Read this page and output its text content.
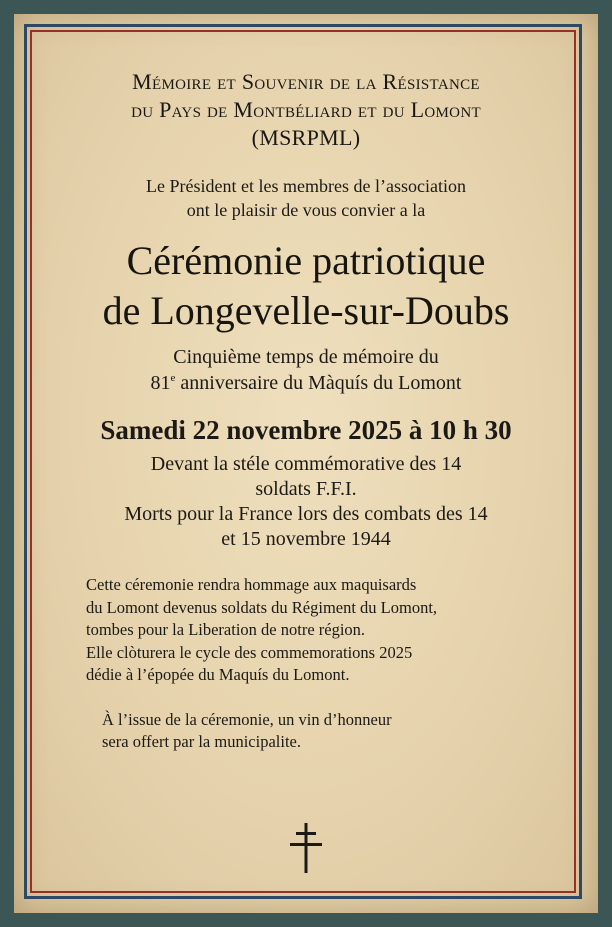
Mémoire et Souvenir de la Résistance
du Pays de Montbéliard et du Lomont
(MSRPML)
Le Président et les membres de l’association
ont le plaisir de vous convier a la
Cérémonie patriotique
de Longevelle-sur-Doubs
Cinquième temps de mémoire du
81e anniversaire du Màquís du Lomont
Samedi 22 novembre 2025 à 10 h 30
Devant la stéle commémorative des 14
soldats F.F.I.
Morts pour la France lors des combats des 14
et 15 novembre 1944
Cette céremonie rendra hommage aux maquisards
du Lomont devenus soldats du Régiment du Lomont,
tombes pour la Liberation de notre région.
Elle clòturera le cycle des commemorations 2025
dédie à l’épopée du Maquís du Lomont.
À l’issue de la céremonie, un vin d’honneur
sera offert par la municipalite.
